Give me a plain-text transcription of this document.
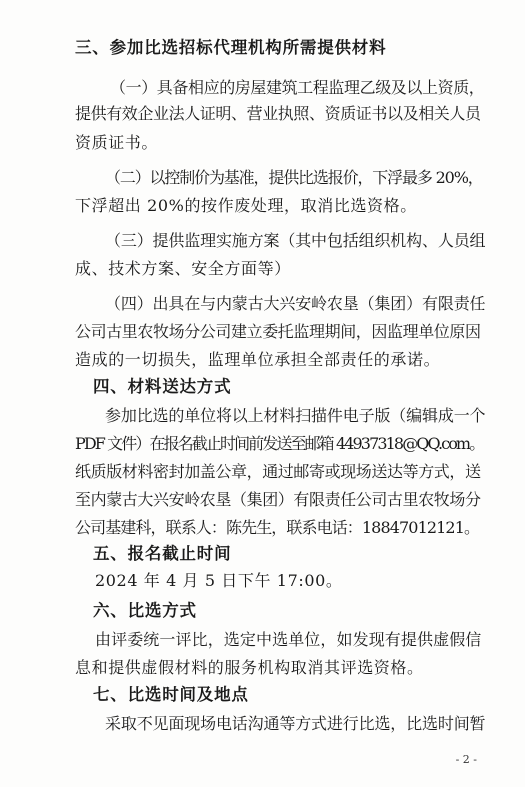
三、参加比选招标代理机构所需提供材料
（一）具备相应的房屋建筑工程监理乙级及以上资质，
提供有效企业法人证明、营业执照、资质证书以及相关人员
资质证书。
（二）以控制价为基准，提供比选报价，下浮最多 20%，
下浮超出 20%的按作废处理，取消比选资格。
（三）提供监理实施方案（其中包括组织机构、人员组
成、技术方案、安全方面等）
（四）出具在与内蒙古大兴安岭农垦（集团）有限责任
公司古里农牧场分公司建立委托监理期间，因监理单位原因
造成的一切损失，监理单位承担全部责任的承诺。
四、材料送达方式
参加比选的单位将以上材料扫描件电子版（编辑成一个
PDF 文件）在报名截止时间前发送至邮箱 44937318@QQ.com。
纸质版材料密封加盖公章，通过邮寄或现场送达等方式，送
至内蒙古大兴安岭农垦（集团）有限责任公司古里农牧场分
公司基建科，联系人：陈先生，联系电话：18847012121。
五、报名截止时间
2024 年 4 月 5 日下午 17:00。
六、比选方式
由评委统一评比，选定中选单位，如发现有提供虚假信
息和提供虚假材料的服务机构取消其评选资格。
七、比选时间及地点
采取不见面现场电话沟通等方式进行比选，比选时间暂
- 2 -
